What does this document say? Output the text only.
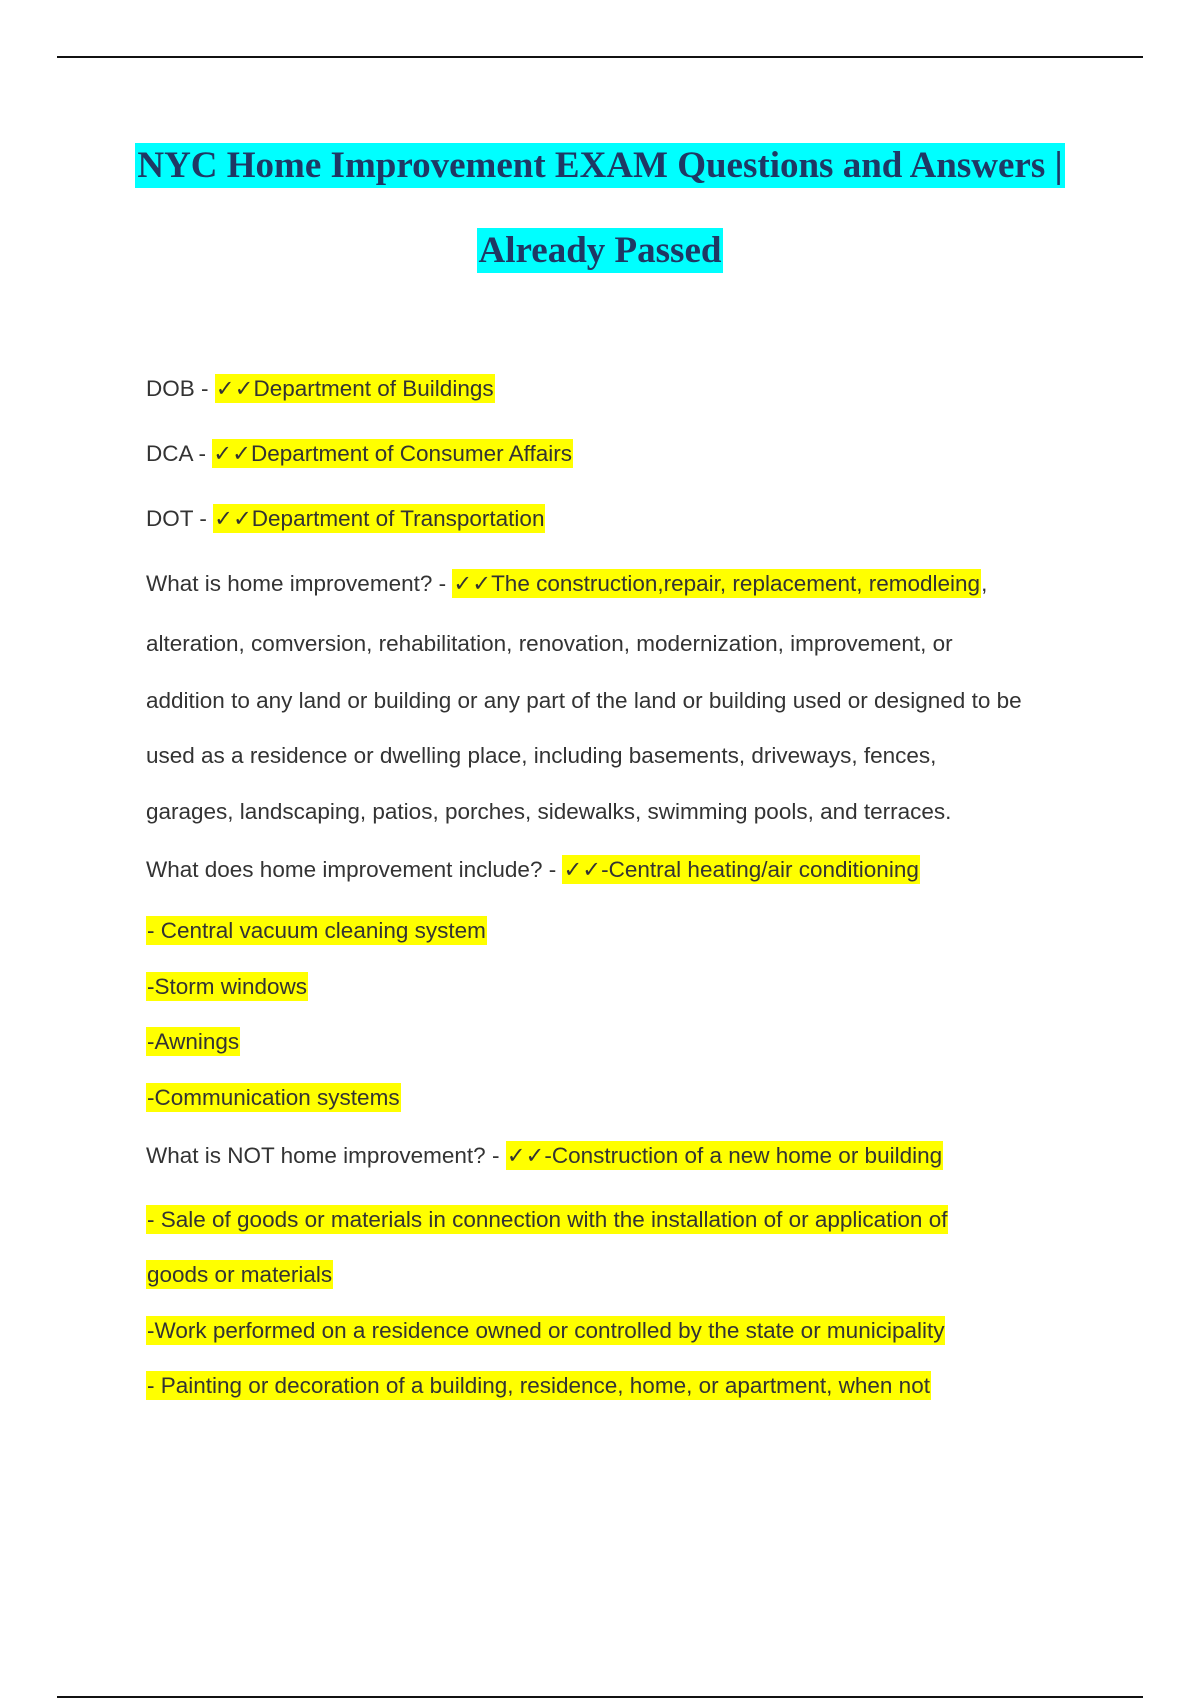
NYC Home Improvement EXAM Questions and Answers |
Already Passed
DOB - ✓✓Department of Buildings
DCA - ✓✓Department of Consumer Affairs
DOT - ✓✓Department of Transportation
What is home improvement? - ✓✓The construction,repair, replacement, remodleing,
alteration, comversion, rehabilitation, renovation, modernization, improvement, or
addition to any land or building or any part of the land or building used or designed to be
used as a residence or dwelling place, including basements, driveways, fences,
garages, landscaping, patios, porches, sidewalks, swimming pools, and terraces.
What does home improvement include? - ✓✓-Central heating/air conditioning
- Central vacuum cleaning system
-Storm windows
-Awnings
-Communication systems
What is NOT home improvement? - ✓✓-Construction of a new home or building
- Sale of goods or materials in connection with the installation of or application of
goods or materials
-Work performed on a residence owned or controlled by the state or municipality
- Painting or decoration of a building, residence, home, or apartment, when not
